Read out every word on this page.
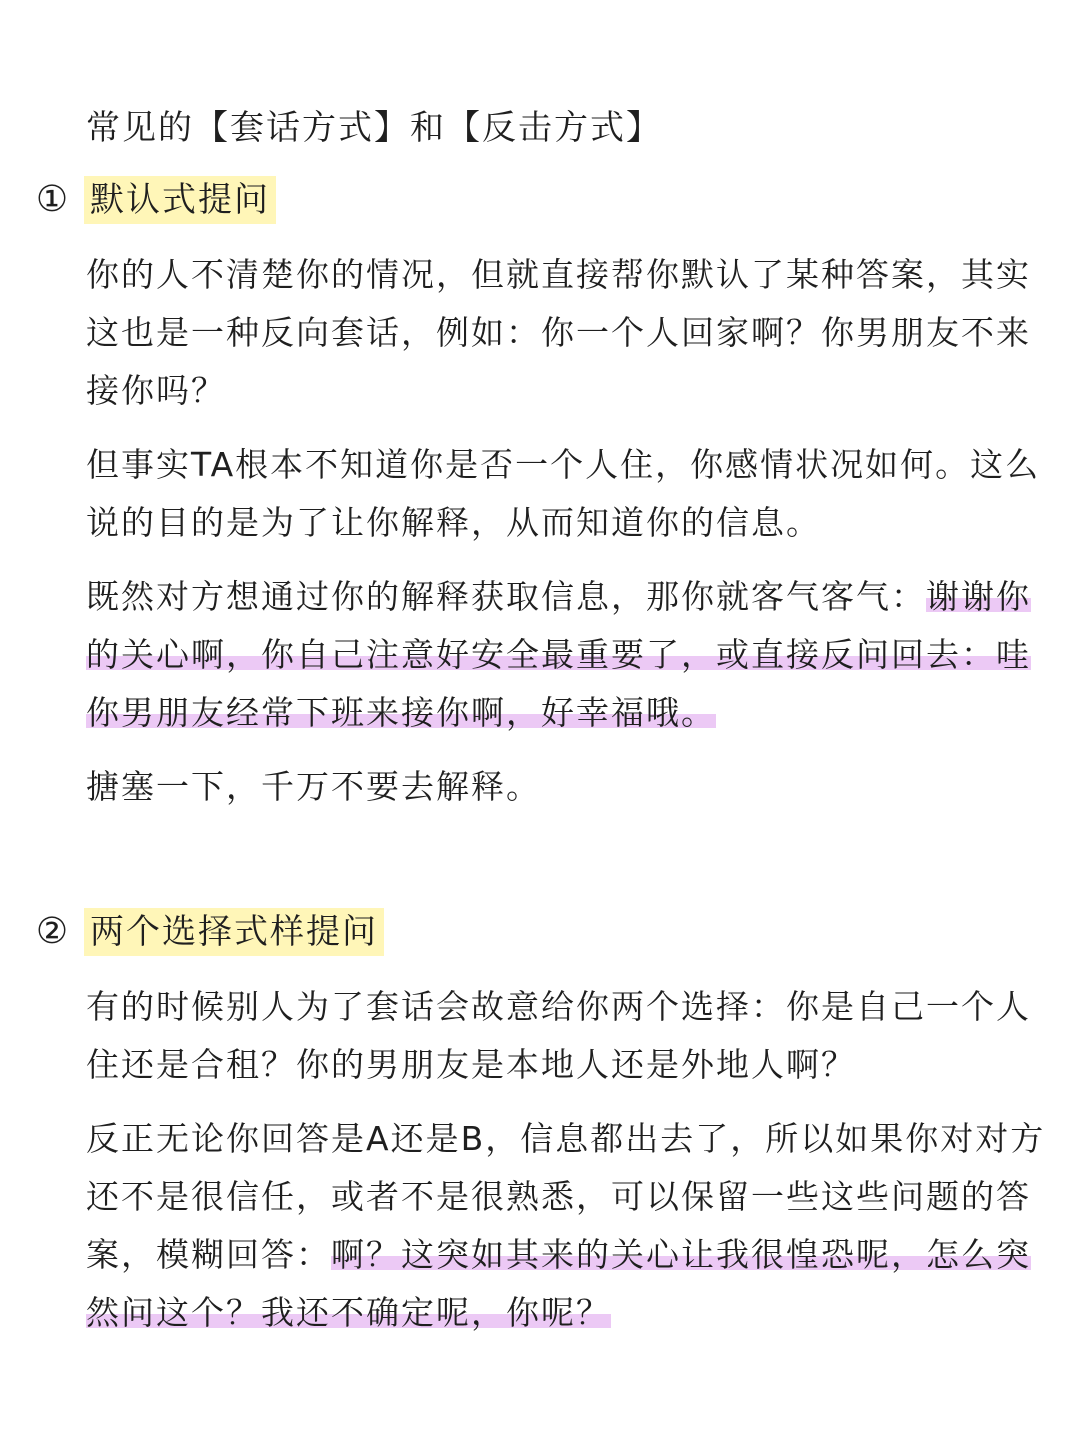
常见的【套话方式】和【反击方式】
① 默认式提问

你的人不清楚你的情况，但就直接帮你默认了某种答案，其实这也是一种反向套话，例如：你一个人回家啊？你男朋友不来接你吗？

但事实TA根本不知道你是否一个人住，你感情状况如何。这么说的目的是为了让你解释，从而知道你的信息。

既然对方想通过你的解释获取信息，那你就客气客气：谢谢你的关心啊，你自己注意好安全最重要了，或直接反问回去：哇你男朋友经常下班来接你啊，好幸福哦。

搪塞一下，千万不要去解释。

② 两个选择式样提问

有的时候别人为了套话会故意给你两个选择：你是自己一个人住还是合租？你的男朋友是本地人还是外地人啊？

反正无论你回答是A还是B，信息都出去了，所以如果你对对方还不是很信任，或者不是很熟悉，可以保留一些这些问题的答案，模糊回答：啊？这突如其来的关心让我很惶恐呢，怎么突然问这个？我还不确定呢，你呢？
